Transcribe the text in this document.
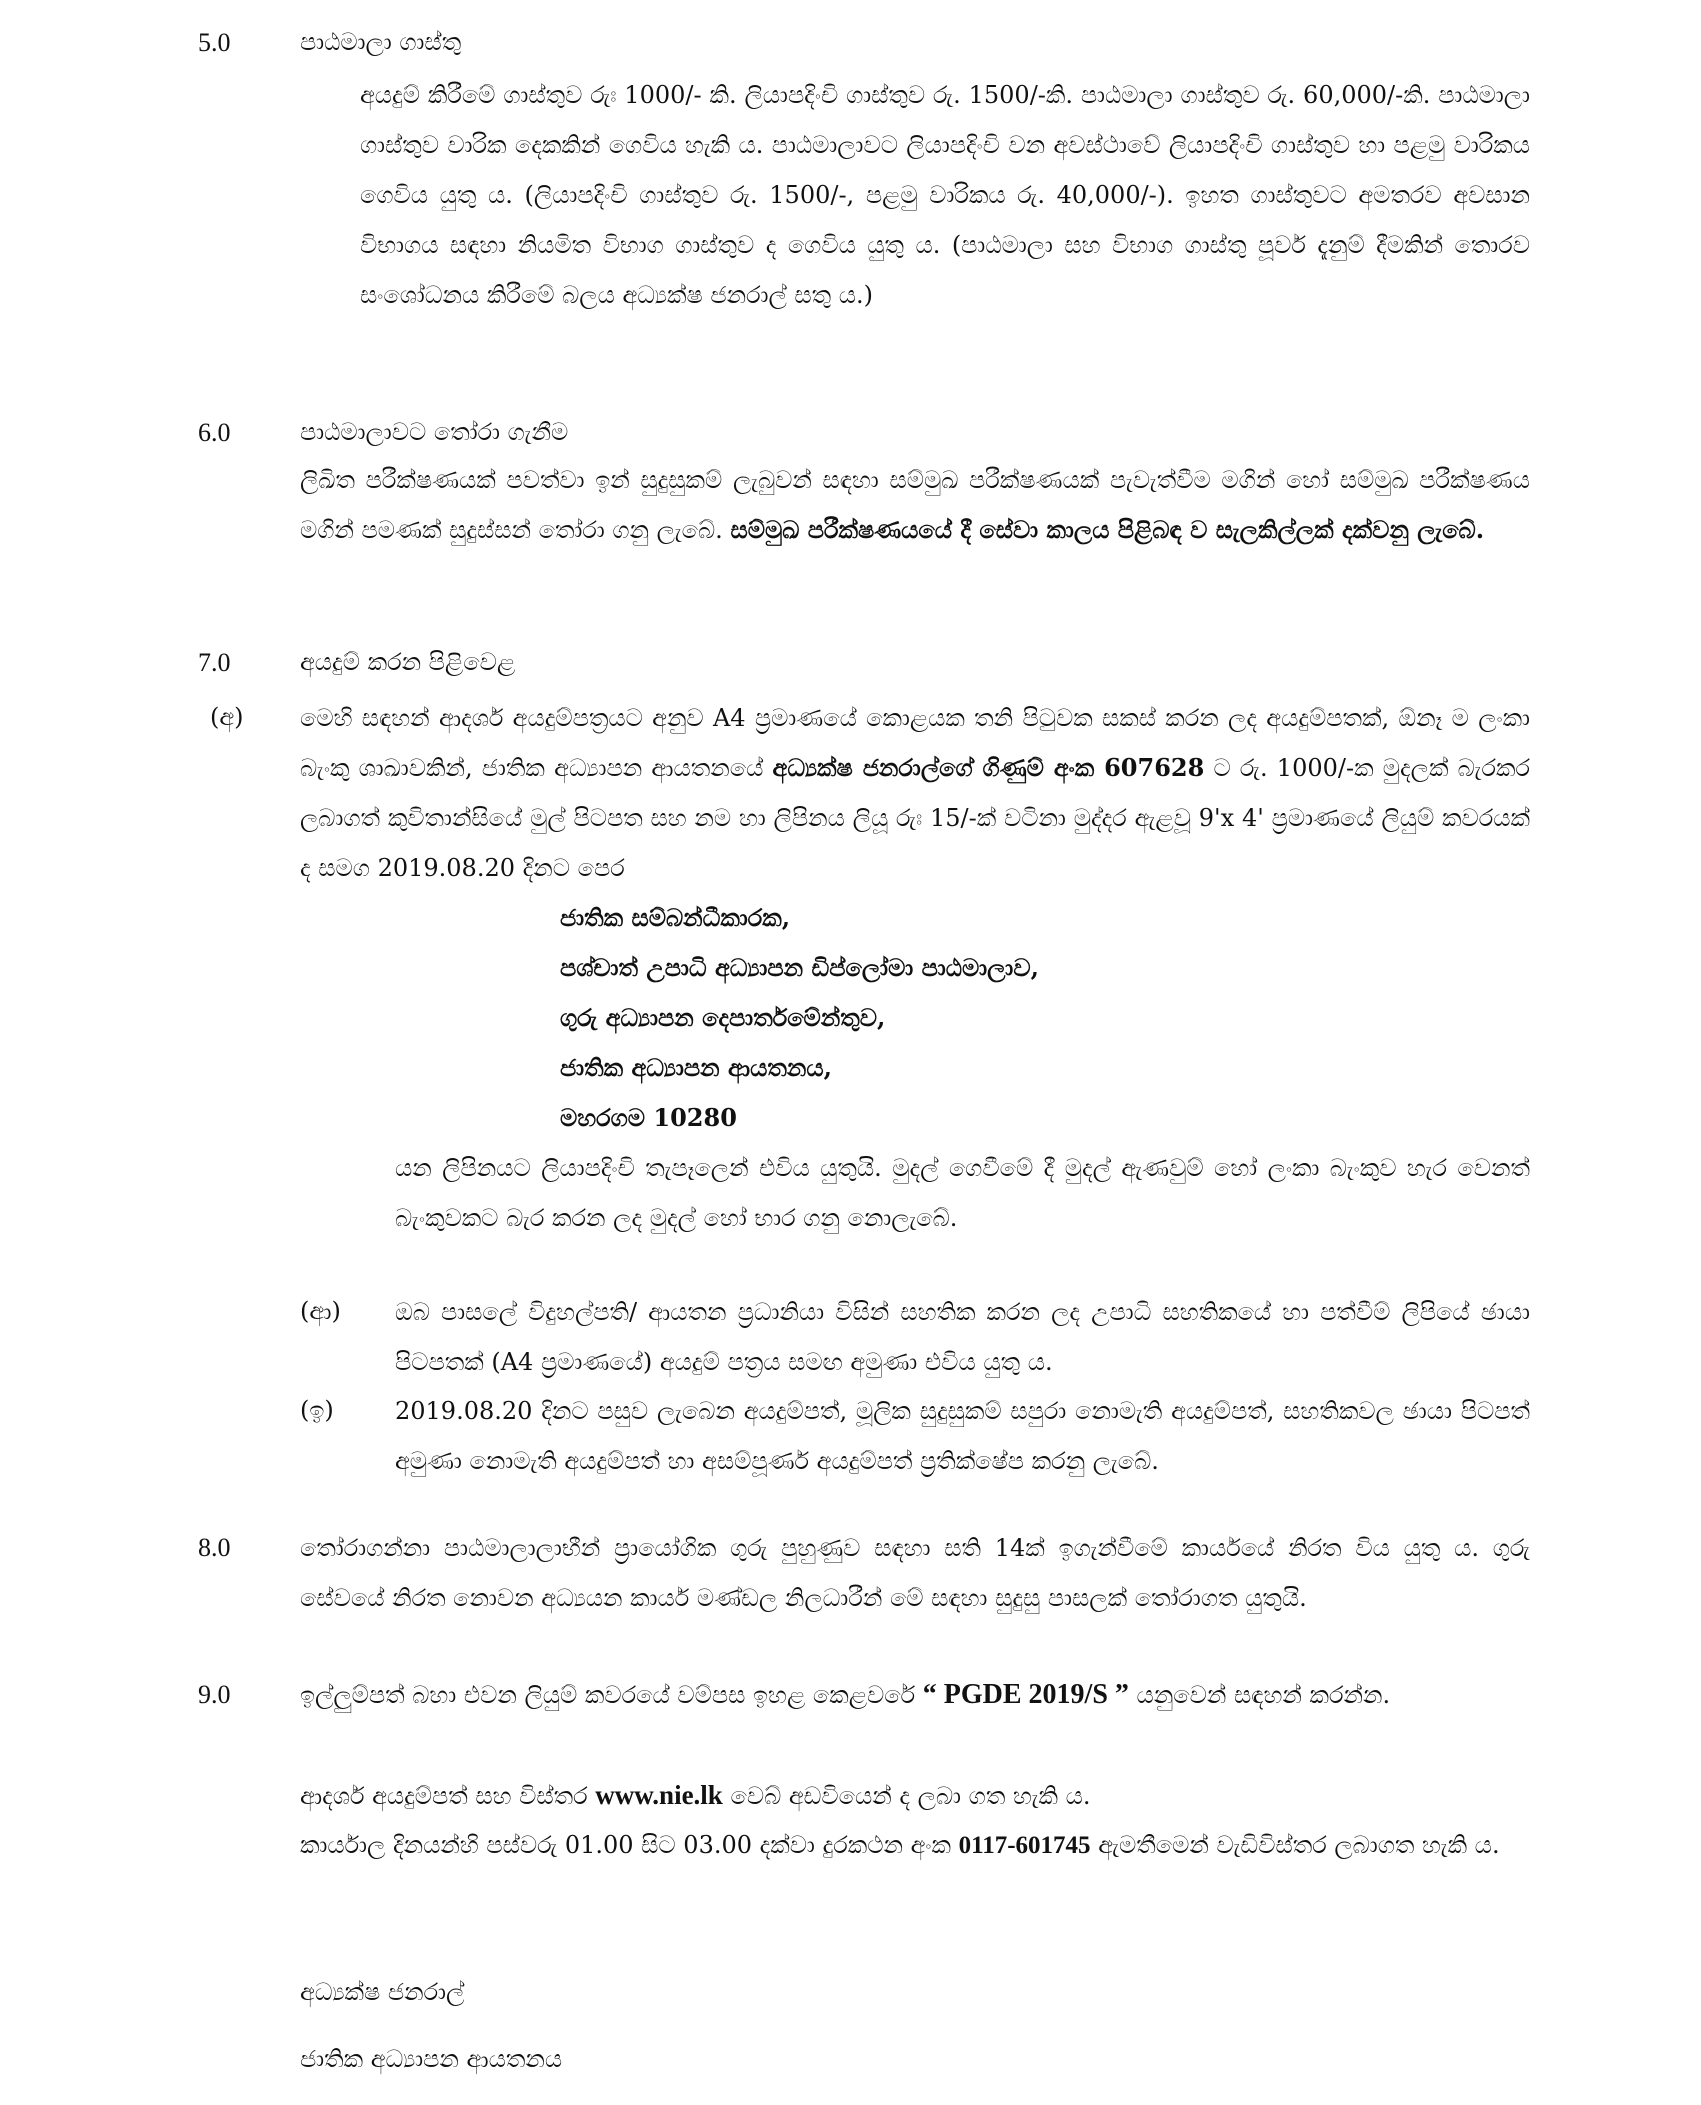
5.0	පාඨමාලා ගාස්තු

අයදුම් කිරීමේ ගාස්තුව රුඃ 1000/- කි. ලියාපදිංචි ගාස්තුව රු. 1500/-කි. පාඨමාලා ගාස්තුව රු. 60,000/-කි. පාඨමාලා ගාස්තුව වාරික දෙකකින් ගෙවිය හැකි ය. පාඨමාලාවට ලියාපදිංචි වන අවස්ථාවේ ලියාපදිංචි ගාස්තුව හා පළමු වාරිකය ගෙවිය යුතු ය. (ලියාපදිංචි ගාස්තුව රු. 1500/-, පළමු වාරිකය රු. 40,000/-). ඉහත ගාස්තුවට අමතරව අවසාන විභාගය සඳහා නියමිත විභාග ගාස්තුව ද ගෙවිය යුතු ය. (පාඨමාලා සහ විභාග ගාස්තු පූර්ව දැනුම් දීමකින් තොරව සංශෝධනය කිරීමේ බලය අධ්‍යක්ෂ ජනරාල් සතු ය.)

6.0	පාඨමාලාවට තෝරා ගැනීම

ලිඛිත පරීක්ෂණයක් පවත්වා ඉන් සුදුසුකම් ලැබුවන් සඳහා සම්මුඛ පරීක්ෂණයක් පැවැත්වීම මගින් හෝ සම්මුඛ පරීක්ෂණය මගින් පමණක් සුදුස්සන් තෝරා ගනු ලැබේ. සම්මුඛ පරීක්ෂණයයේ දී සේවා කාලය පිළිබඳ ව සැලකිල්ලක් දක්වනු ලැබේ.

7.0	අයදුම් කරන පිළිවෙළ
(අ) මෙහි සඳහන් ආදර්ශ අයදුම්පත්‍රයට අනුව A4 ප්‍රමාණයේ කොළයක තනි පිටුවක සකස් කරන ලද අයදුම්පතක්, ඕනෑ ම ලංකා බැංකු ශාඛාවකින්, ජාතික අධ්‍යාපන ආයතනයේ අධ්‍යක්ෂ ජනරාල්ගේ ගිණුම් අංක 607628 ට රු. 1000/-ක මුදලක් බැරකර ලබාගත් කුවිතාන්සියේ මුල් පිටපත සහ නම හා ලිපිනය ලියූ රුඃ 15/-ක් වටිනා මුද්දර ඇළවූ 9'x 4' ප්‍රමාණයේ ලියුම් කවරයක් ද සමග 2019.08.20 දිනට පෙර

ජාතික සම්බන්ධීකාරක,
පශ්චාත් උපාධි අධ්‍යාපන ඩිප්ලෝමා පාඨමාලාව,
ගුරු අධ්‍යාපන දෙපාර්තමේන්තුව,
ජාතික අධ්‍යාපන ආයතනය,
මහරගම 10280

යන ලිපිනයට ලියාපදිංචි තැපෑලෙන් එවිය යුතුයි. මුදල් ගෙවීමේ දී මුදල් ඇණවුම් හෝ ලංකා බැංකුව හැර වෙනත් බැංකුවකට බැර කරන ලද මුදල් හෝ භාර ගනු නොලැබේ.

(ආ) ඔබ පාසලේ විදුහල්පති/ ආයතන ප්‍රධානියා විසින් සහතික කරන ලද උපාධි සහතිකයේ හා පත්වීම් ලිපියේ ඡායා පිටපතක් (A4 ප්‍රමාණයේ) අයදුම් පත්‍රය සමඟ අමුණා එවිය යුතු ය.

(ඉ)	2019.08.20 දිනට පසුව ලැබෙන අයදුම්පත්, මූලික සුදුසුකම් සපුරා නොමැති අයදුම්පත්, සහතිකවල ඡායා පිටපත් අමුණා නොමැති අයදුම්පත් හා අසම්පූර්ණ අයදුම්පත් ප්‍රතික්ෂේප කරනු ලැබේ.

8.0	තෝරාගන්නා පාඨමාලාලාභීන් ප්‍රායෝගික ගුරු පුහුණුව සඳහා සති 14ක් ඉගැන්වීමේ කාර්යයේ නිරත විය යුතු ය. ගුරු සේවයේ නිරත නොවන අධ්‍යයන කාර්ය මණ්ඩල නිලධාරීන් මේ සඳහා සුදුසු පාසලක් තෝරාගත යුතුයි.

9.0	ඉල්ලුම්පත් බහා එවන ලියුම් කවරයේ වම්පස ඉහළ කෙළවරේ “ PGDE 2019/S ” යනුවෙන් සඳහන් කරන්න.

ආදර්ශ අයදුම්පත් සහ විස්තර www.nie.lk වෙබ් අඩවියෙන් ද ලබා ගත හැකි ය.

කාර්යාල දිනයන්හි පස්වරු 01.00 සිට 03.00 දක්වා දුරකථන අංක 0117-601745 ඇමතීමෙන් වැඩිවිස්තර ලබාගත හැකි ය.

අධ්‍යක්ෂ ජනරාල්
ජාතික අධ්‍යාපන ආයතනය
